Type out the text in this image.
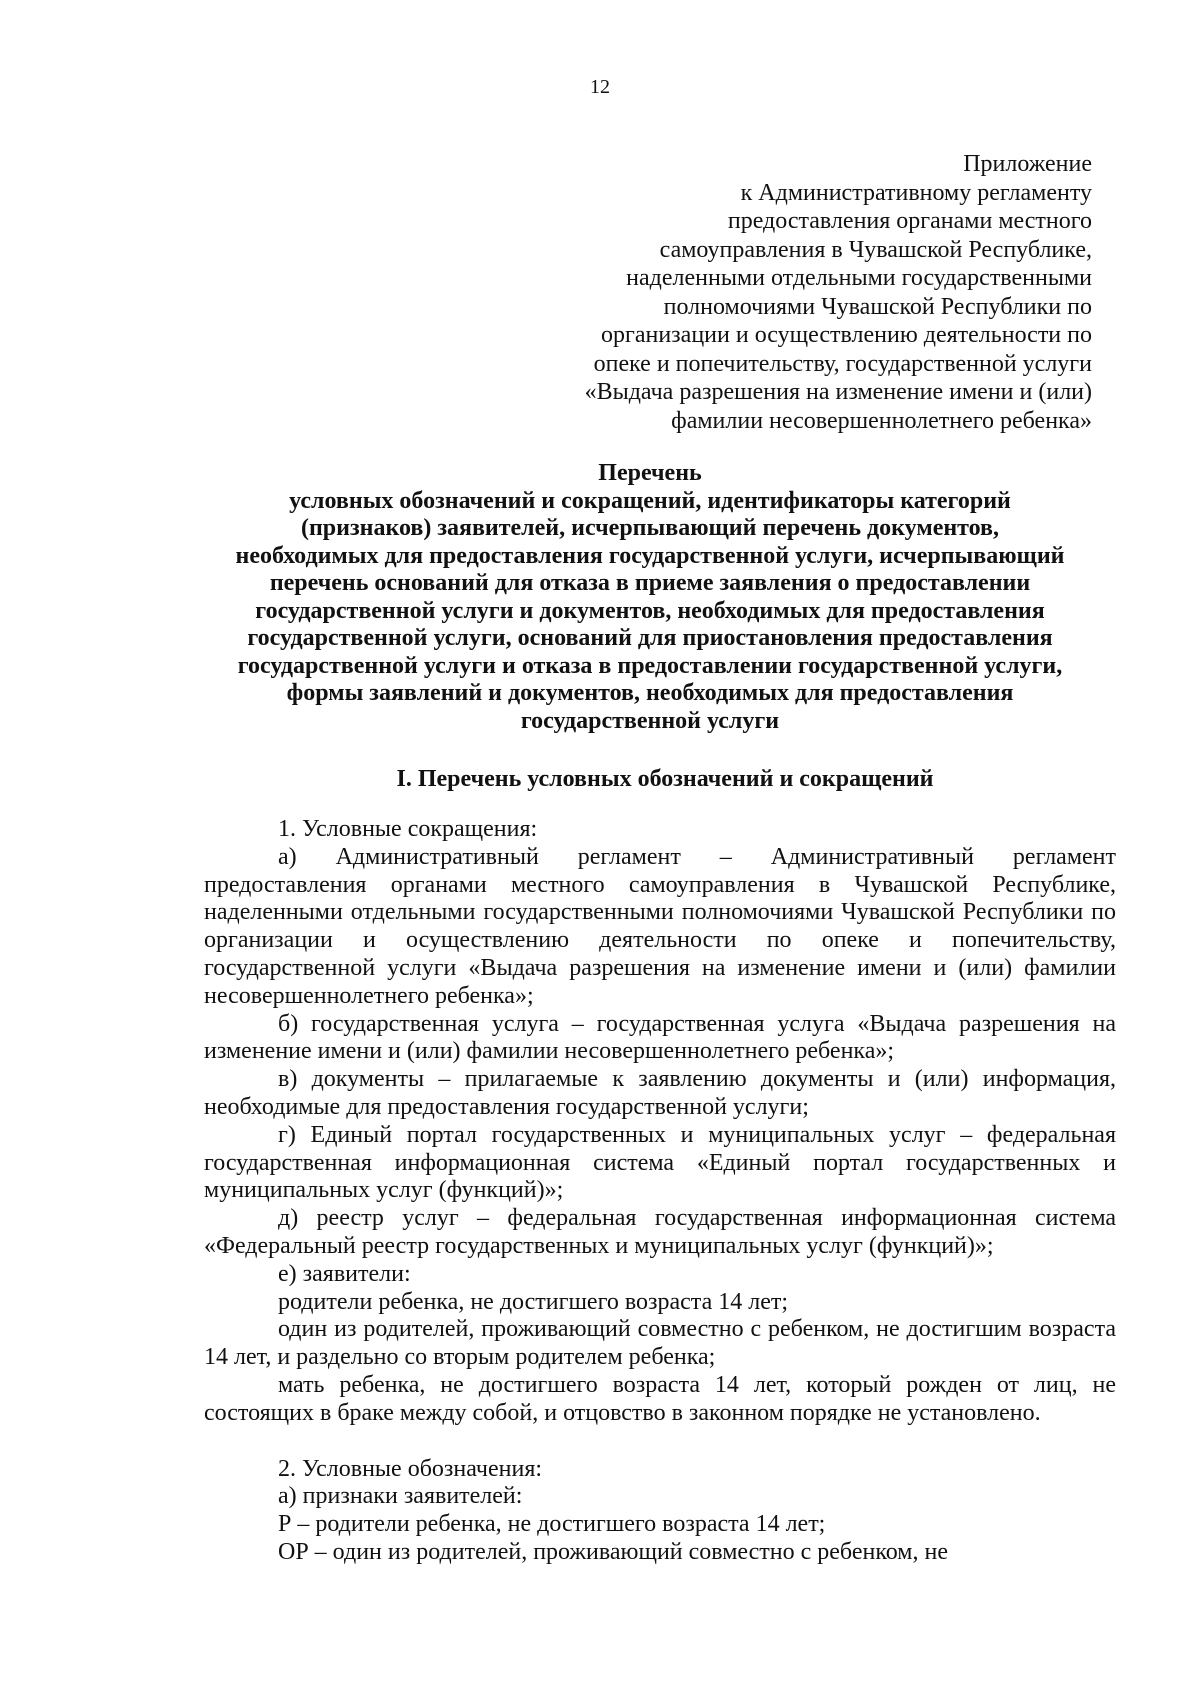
12
Приложение
к Административному регламенту
предоставления органами местного
самоуправления в Чувашской Республике,
наделенными отдельными государственными
полномочиями Чувашской Республики по
организации и осуществлению деятельности по
опеке и попечительству, государственной услуги
«Выдача разрешения на изменение имени и (или)
фамилии несовершеннолетнего ребенка»
Перечень
условных обозначений и сокращений, идентификаторы категорий
(признаков) заявителей, исчерпывающий перечень документов,
необходимых для предоставления государственной услуги, исчерпывающий
перечень оснований для отказа в приеме заявления о предоставлении
государственной услуги и документов, необходимых для предоставления
государственной услуги, оснований для приостановления предоставления
государственной услуги и отказа в предоставлении государственной услуги,
формы заявлений и документов, необходимых для предоставления
государственной услуги
I. Перечень условных обозначений и сокращений

1. Условные сокращения:

а) Административный регламент – Административный регламент предоставления органами местного самоуправления в Чувашской Республике, наделенными отдельными государственными полномочиями Чувашской Республики по организации и осуществлению деятельности по опеке и попечительству, государственной услуги «Выдача разрешения на изменение имени и (или) фамилии несовершеннолетнего ребенка»;

б) государственная услуга – государственная услуга «Выдача разрешения на изменение имени и (или) фамилии несовершеннолетнего ребенка»;

в) документы – прилагаемые к заявлению документы и (или) информация, необходимые для предоставления государственной услуги;

г) Единый портал государственных и муниципальных услуг – федеральная государственная информационная система «Единый портал государственных и муниципальных услуг (функций)»;

д) реестр услуг – федеральная государственная информационная система «Федеральный реестр государственных и муниципальных услуг (функций)»;

е) заявители:

родители ребенка, не достигшего возраста 14 лет;

один из родителей, проживающий совместно с ребенком, не достигшим возраста 14 лет, и раздельно со вторым родителем ребенка;

мать ребенка, не достигшего возраста 14 лет, который рожден от лиц, не состоящих в браке между собой, и отцовство в законном порядке не установлено.

2. Условные обозначения:

а) признаки заявителей:

Р – родители ребенка, не достигшего возраста 14 лет;

ОР – один из родителей, проживающий совместно с ребенком, не
